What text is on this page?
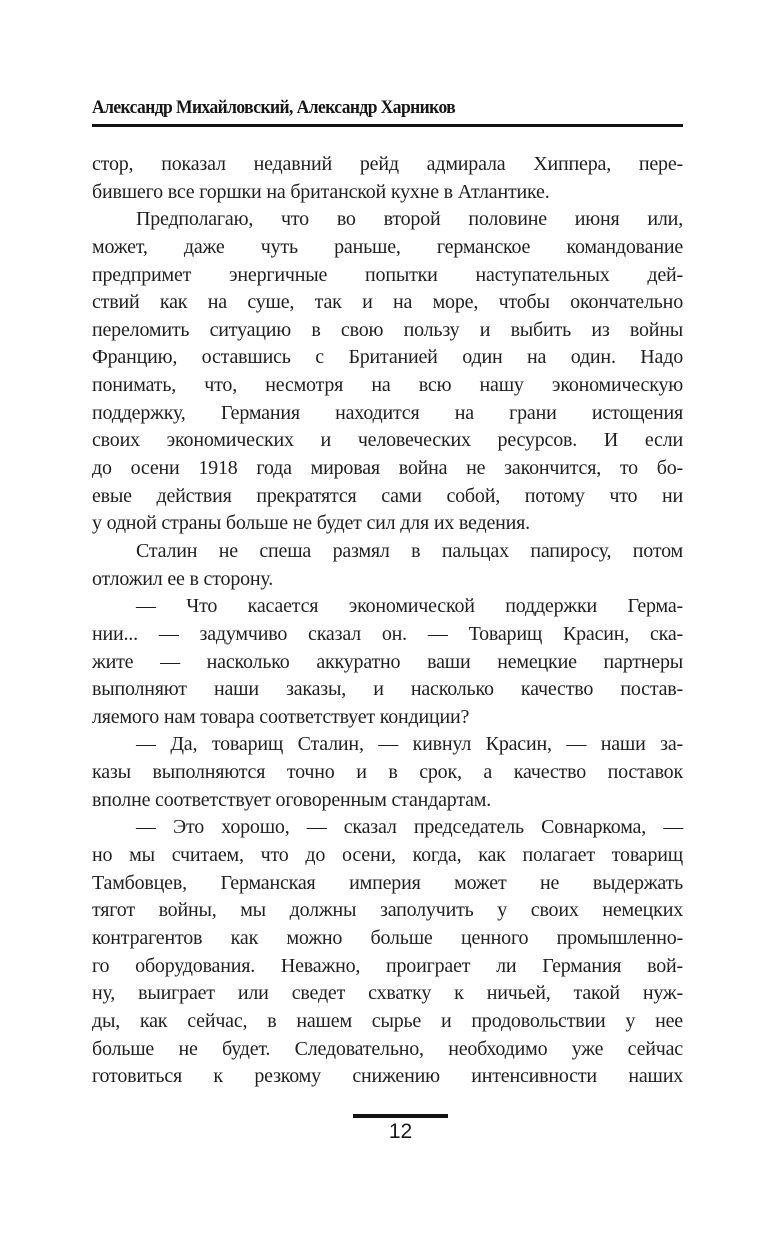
Александр Михайловский, Александр Харников
стор, показал недавний рейд адмирала Хиппера, пере-
бившего все горшки на британской кухне в Атлантике.
Предполагаю, что во второй половине июня или,
может, даже чуть раньше, германское командование
предпримет энергичные попытки наступательных дей-
ствий как на суше, так и на море, чтобы окончательно
переломить ситуацию в свою пользу и выбить из войны
Францию, оставшись с Британией один на один. Надо
понимать, что, несмотря на всю нашу экономическую
поддержку, Германия находится на грани истощения
своих экономических и человеческих ресурсов. И если
до осени 1918 года мировая война не закончится, то бо-
евые действия прекратятся сами собой, потому что ни
у одной страны больше не будет сил для их ведения.
Сталин не спеша размял в пальцах папиросу, потом
отложил ее в сторону.
— Что касается экономической поддержки Герма-
нии... — задумчиво сказал он. — Товарищ Красин, ска-
жите — насколько аккуратно ваши немецкие партнеры
выполняют наши заказы, и насколько качество постав-
ляемого нам товара соответствует кондиции?
— Да, товарищ Сталин, — кивнул Красин, — наши за-
казы выполняются точно и в срок, а качество поставок
вполне соответствует оговоренным стандартам.
— Это хорошо, — сказал председатель Совнаркома, —
но мы считаем, что до осени, когда, как полагает товарищ
Тамбовцев, Германская империя может не выдержать
тягот войны, мы должны заполучить у своих немецких
контрагентов как можно больше ценного промышленно-
го оборудования. Неважно, проиграет ли Германия вой-
ну, выиграет или сведет схватку к ничьей, такой нуж-
ды, как сейчас, в нашем сырье и продовольствии у нее
больше не будет. Следовательно, необходимо уже сейчас
готовиться к резкому снижению интенсивности наших
12
